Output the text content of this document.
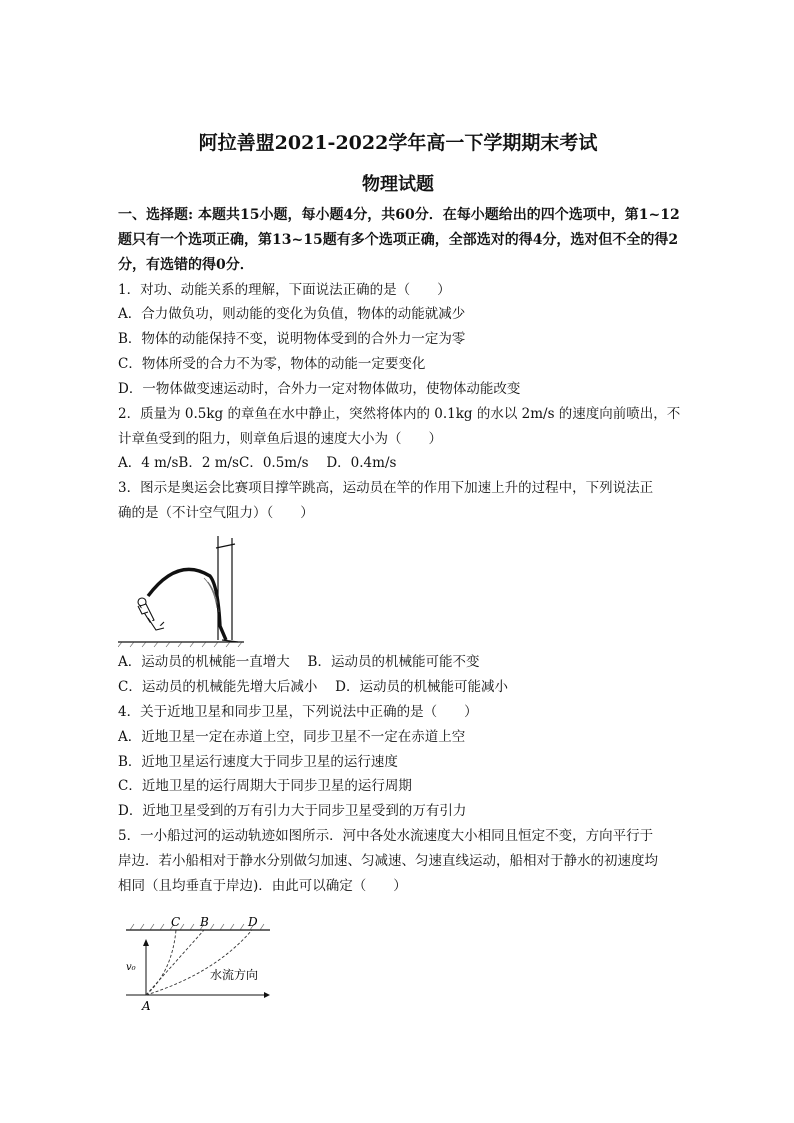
阿拉善盟2021-2022学年高一下学期期末考试
物理试题
一、选择题: 本题共15小题，每小题4分，共60分．在每小题给出的四个选项中，第1~12
题只有一个选项正确，第13~15题有多个选项正确，全部选对的得4分，选对但不全的得2
分，有选错的得0分．
1．对功、动能关系的理解，下面说法正确的是（　　）
A．合力做负功，则动能的变化为负值，物体的动能就减少
B．物体的动能保持不变，说明物体受到的合外力一定为零
C．物体所受的合力不为零，物体的动能一定要变化
D．一物体做变速运动时，合外力一定对物体做功，使物体动能改变
2．质量为 0.5kg 的章鱼在水中静止，突然将体内的 0.1kg 的水以 2m/s 的速度向前喷出，不
计章鱼受到的阻力，则章鱼后退的速度大小为（　　）
A．4 m/sB．2 m/sC．0.5m/s　 D．0.4m/s
3．图示是奥运会比赛项目撑竿跳高，运动员在竿的作用下加速上升的过程中，下列说法正
确的是（不计空气阻力）（　　）
A．运动员的机械能一直增大　 B．运动员的机械能可能不变
C．运动员的机械能先增大后减小　 D．运动员的机械能可能减小
4．关于近地卫星和同步卫星，下列说法中正确的是（　　）
A．近地卫星一定在赤道上空，同步卫星不一定在赤道上空
B．近地卫星运行速度大于同步卫星的运行速度
C．近地卫星的运行周期大于同步卫星的运行周期
D．近地卫星受到的万有引力大于同步卫星受到的万有引力
5．一小船过河的运动轨迹如图所示．河中各处水流速度大小相同且恒定不变，方向平行于
岸边．若小船相对于静水分别做匀加速、匀减速、匀速直线运动，船相对于静水的初速度均
相同（且均垂直于岸边)．由此可以确定（　　）
C B	D
v₀
水流方向
A
